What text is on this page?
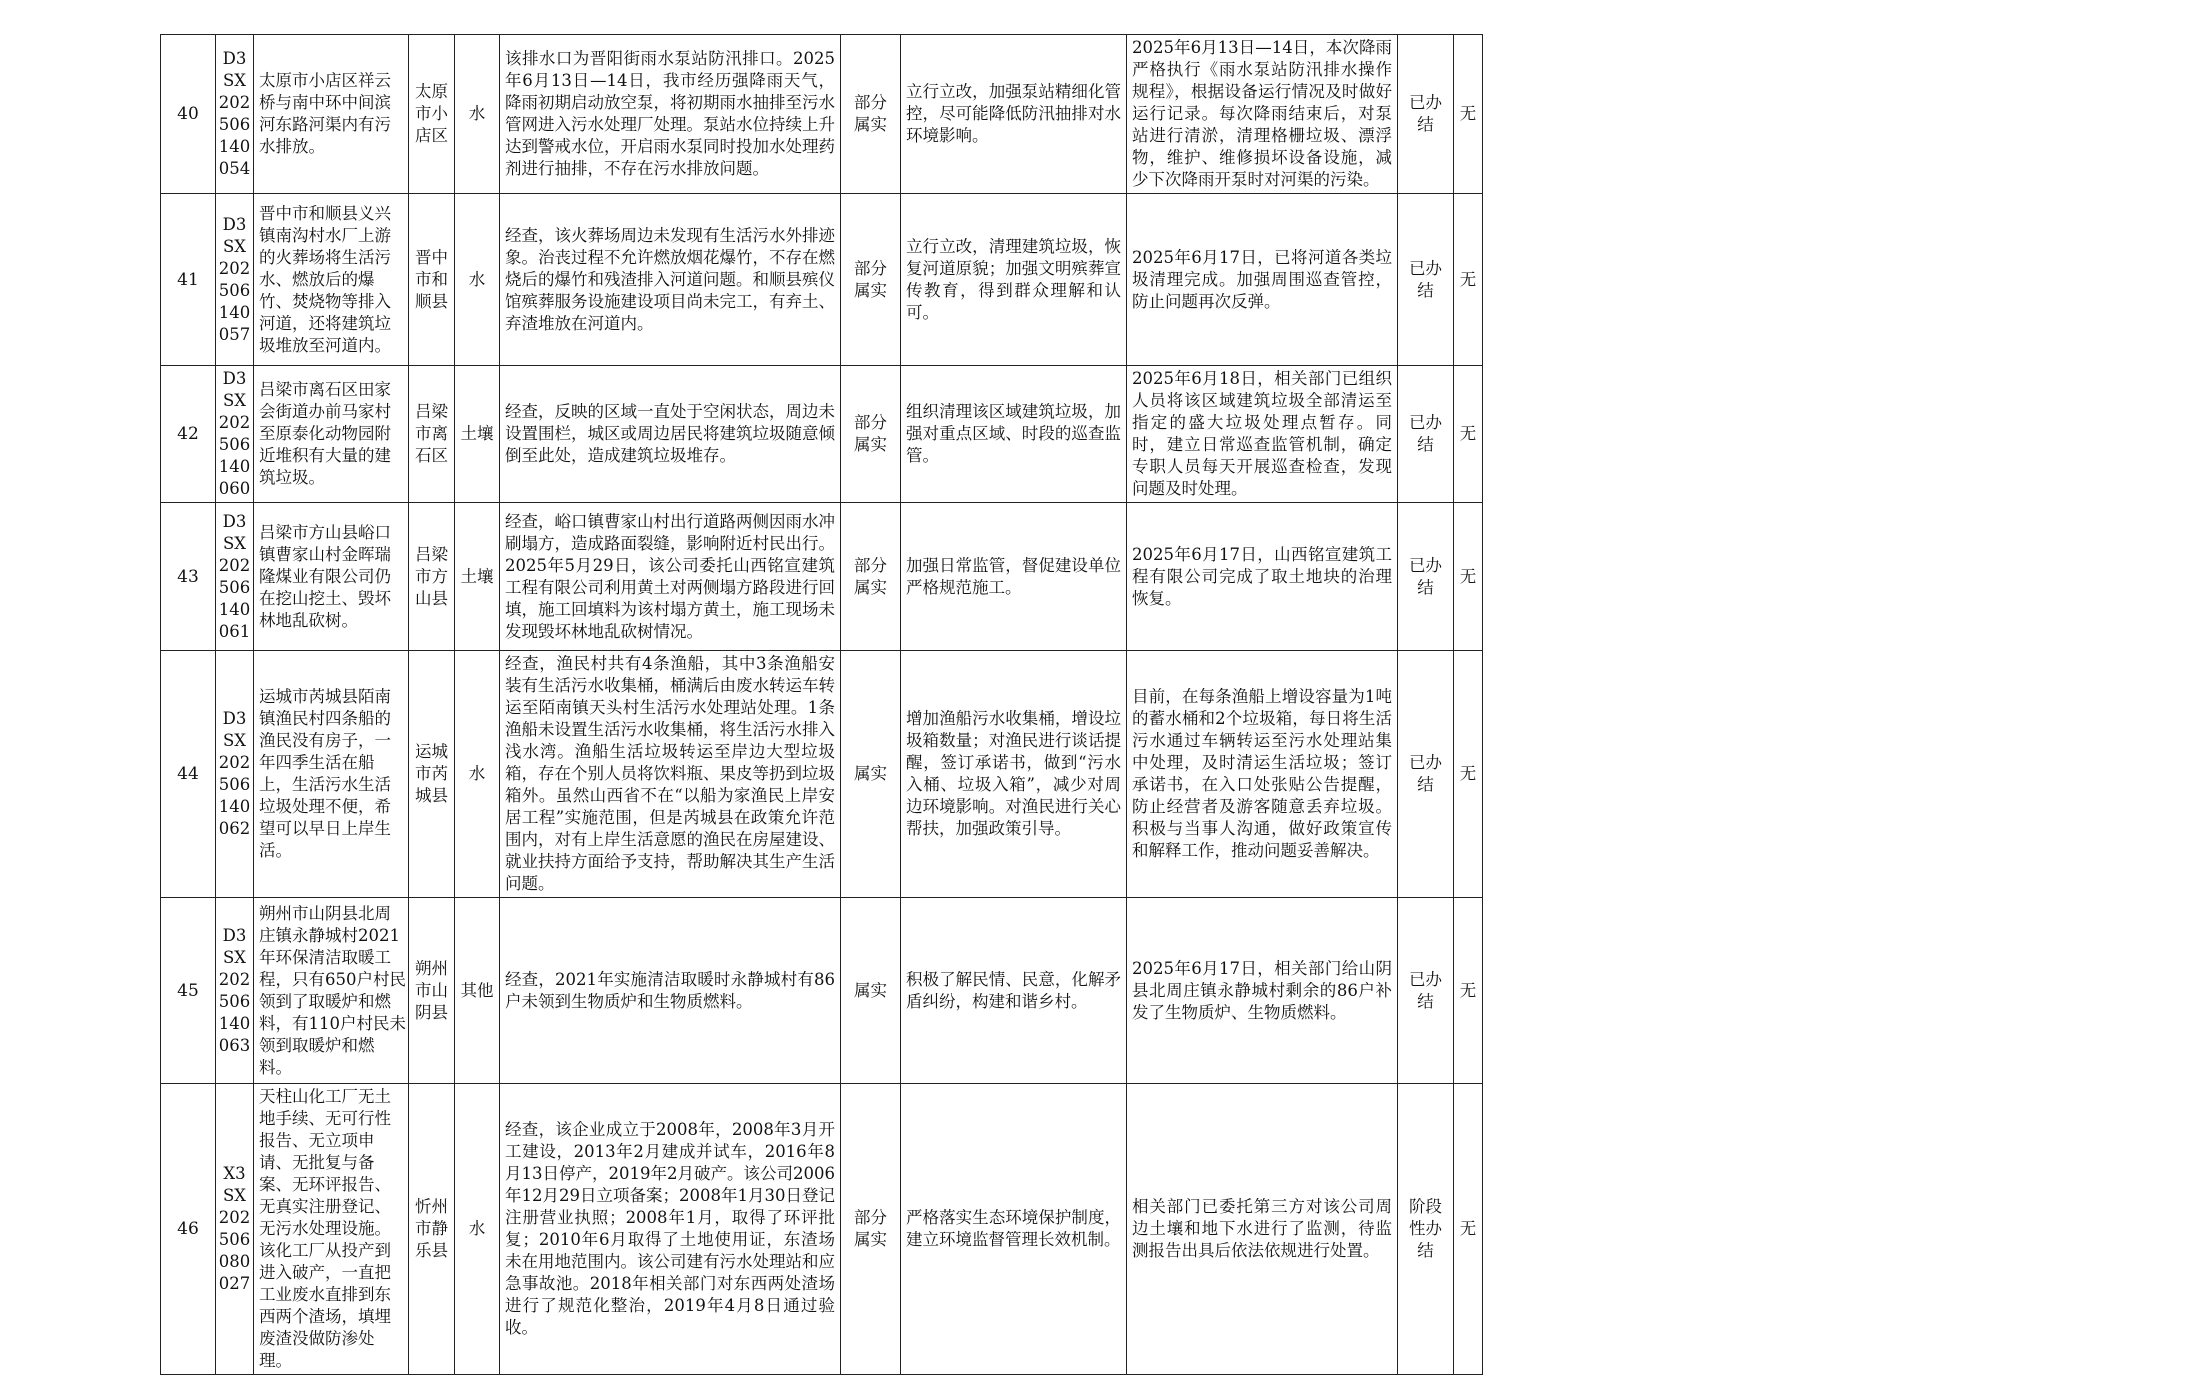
40	D3SX202506140054	太原市小店区祥云桥与南中环中间滨河东路河渠内有污水排放。	太原市小店区	水	该排水口为晋阳街雨水泵站防汛排口。2025年6月13日—14日，我市经历强降雨天气，降雨初期启动放空泵，将初期雨水抽排至污水管网进入污水处理厂处理。泵站水位持续上升达到警戒水位，开启雨水泵同时投加水处理药剂进行抽排，不存在污水排放问题。	部分属实	立行立改，加强泵站精细化管控，尽可能降低防汛抽排对水环境影响。	2025年6月13日—14日，本次降雨严格执行《雨水泵站防汛排水操作规程》，根据设备运行情况及时做好运行记录。每次降雨结束后，对泵站进行清淤，清理格栅垃圾、漂浮物，维护、维修损坏设备设施，减少下次降雨开泵时对河渠的污染。	已办结	无
41	D3SX202506140057	晋中市和顺县义兴镇南沟村水厂上游的火葬场将生活污水、燃放后的爆竹、焚烧物等排入河道，还将建筑垃圾堆放至河道内。	晋中市和顺县	水	经查，该火葬场周边未发现有生活污水外排迹象。治丧过程不允许燃放烟花爆竹，不存在燃烧后的爆竹和残渣排入河道问题。和顺县殡仪馆殡葬服务设施建设项目尚未完工，有弃土、弃渣堆放在河道内。	部分属实	立行立改，清理建筑垃圾，恢复河道原貌；加强文明殡葬宣传教育，得到群众理解和认可。	2025年6月17日，已将河道各类垃圾清理完成。加强周围巡查管控，防止问题再次反弹。	已办结	无
42	D3SX202506140060	吕梁市离石区田家会街道办前马家村至原泰化动物园附近堆积有大量的建筑垃圾。	吕梁市离石区	土壤	经查，反映的区域一直处于空闲状态，周边未设置围栏，城区或周边居民将建筑垃圾随意倾倒至此处，造成建筑垃圾堆存。	部分属实	组织清理该区域建筑垃圾，加强对重点区域、时段的巡查监管。	2025年6月18日，相关部门已组织人员将该区域建筑垃圾全部清运至指定的盛大垃圾处理点暂存。同时，建立日常巡查监管机制，确定专职人员每天开展巡查检查，发现问题及时处理。	已办结	无
43	D3SX202506140061	吕梁市方山县峪口镇曹家山村金晖瑞隆煤业有限公司仍在挖山挖土、毁坏林地乱砍树。	吕梁市方山县	土壤	经查，峪口镇曹家山村出行道路两侧因雨水冲刷塌方，造成路面裂缝，影响附近村民出行。2025年5月29日，该公司委托山西铭宣建筑工程有限公司利用黄土对两侧塌方路段进行回填，施工回填料为该村塌方黄土，施工现场未发现毁坏林地乱砍树情况。	部分属实	加强日常监管，督促建设单位严格规范施工。	2025年6月17日，山西铭宣建筑工程有限公司完成了取土地块的治理恢复。	已办结	无
44	D3SX202506140062	运城市芮城县陌南镇渔民村四条船的渔民没有房子，一年四季生活在船上，生活污水生活垃圾处理不便，希望可以早日上岸生活。	运城市芮城县	水	经查，渔民村共有4条渔船，其中3条渔船安装有生活污水收集桶，桶满后由废水转运车转运至陌南镇天头村生活污水处理站处理。1条渔船未设置生活污水收集桶，将生活污水排入浅水湾。渔船生活垃圾转运至岸边大型垃圾箱，存在个别人员将饮料瓶、果皮等扔到垃圾箱外。虽然山西省不在“以船为家渔民上岸安居工程”实施范围，但是芮城县在政策允许范围内，对有上岸生活意愿的渔民在房屋建设、就业扶持方面给予支持，帮助解决其生产生活问题。	属实	增加渔船污水收集桶，增设垃圾箱数量；对渔民进行谈话提醒，签订承诺书，做到“污水入桶、垃圾入箱”，减少对周边环境影响。对渔民进行关心帮扶，加强政策引导。	目前，在每条渔船上增设容量为1吨的蓄水桶和2个垃圾箱，每日将生活污水通过车辆转运至污水处理站集中处理，及时清运生活垃圾；签订承诺书，在入口处张贴公告提醒，防止经营者及游客随意丢弃垃圾。积极与当事人沟通，做好政策宣传和解释工作，推动问题妥善解决。	已办结	无
45	D3SX202506140063	朔州市山阴县北周庄镇永静城村2021年环保清洁取暖工程，只有650户村民领到了取暖炉和燃料，有110户村民未领到取暖炉和燃料。	朔州市山阴县	其他	经查，2021年实施清洁取暖时永静城村有86户未领到生物质炉和生物质燃料。	属实	积极了解民情、民意，化解矛盾纠纷，构建和谐乡村。	2025年6月17日，相关部门给山阴县北周庄镇永静城村剩余的86户补发了生物质炉、生物质燃料。	已办结	无
46	X3SX202506080027	天柱山化工厂无土地手续、无可行性报告、无立项申请、无批复与备案、无环评报告、无真实注册登记、无污水处理设施。该化工厂从投产到进入破产，一直把工业废水直排到东西两个渣场，填埋废渣没做防渗处理。	忻州市静乐县	水	经查，该企业成立于2008年，2008年3月开工建设，2013年2月建成并试车，2016年8月13日停产，2019年2月破产。该公司2006年12月29日立项备案；2008年1月30日登记注册营业执照；2008年1月，取得了环评批复；2010年6月取得了土地使用证，东渣场未在用地范围内。该公司建有污水处理站和应急事故池。2018年相关部门对东西两处渣场进行了规范化整治，2019年4月8日通过验收。	部分属实	严格落实生态环境保护制度，建立环境监督管理长效机制。	相关部门已委托第三方对该公司周边土壤和地下水进行了监测，待监测报告出具后依法依规进行处置。	阶段性办结	无
